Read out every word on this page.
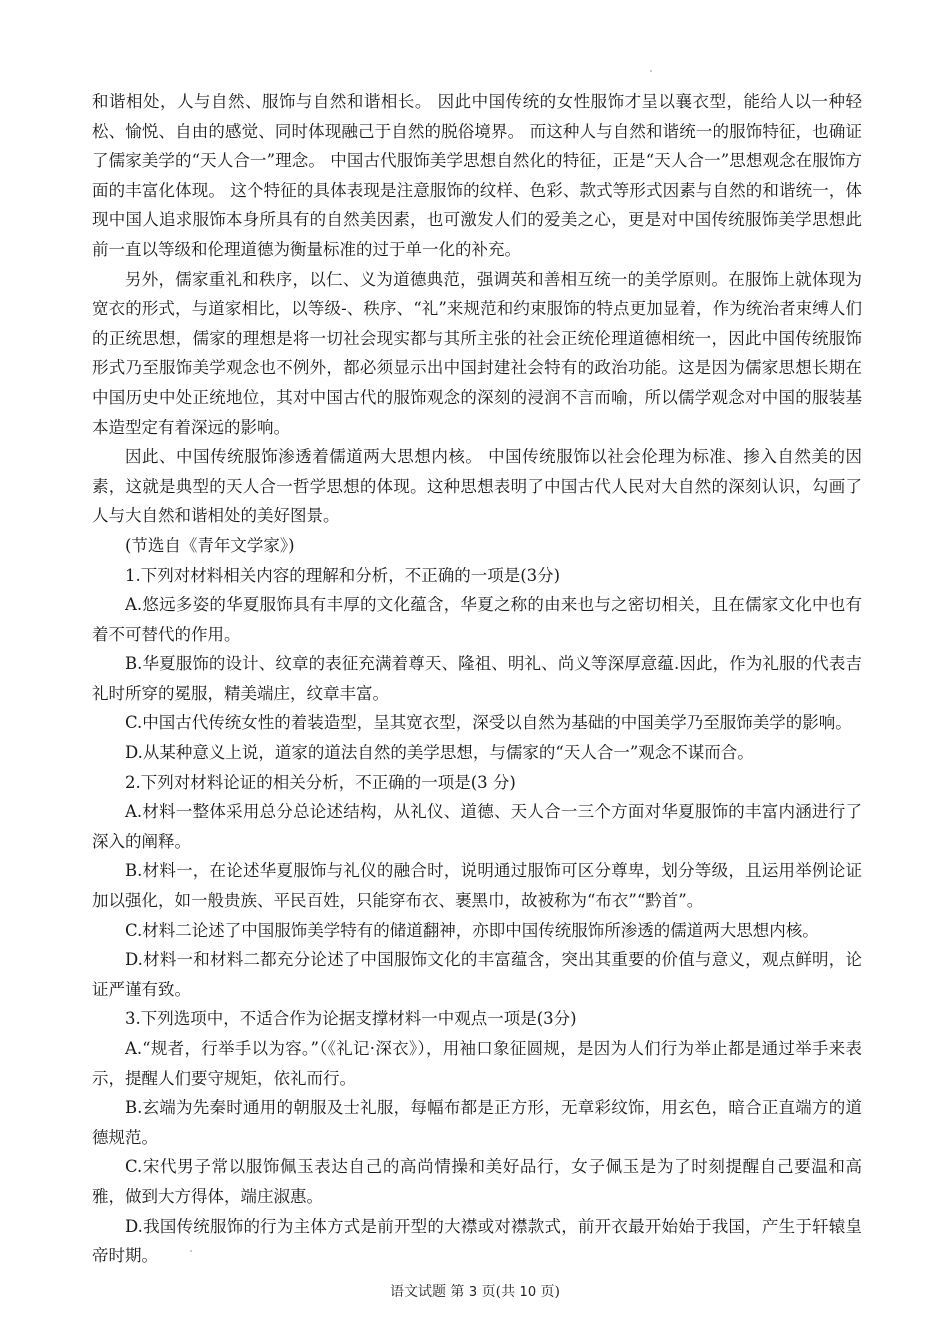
和谐相处，人与自然、服饰与自然和谐相长。 因此中国传统的女性服饰才呈以襄衣型，能给人以一种轻松、愉悦、自由的感觉、同时体现融己于自然的脱俗境界。 而这种人与自然和谐统一的服饰特征，也确证了儒家美学的“天人合一”理念。 中国古代服饰美学思想自然化的特征，正是“天人合一”思想观念在服饰方面的丰富化体现。 这个特征的具体表现是注意服饰的纹样、色彩、款式等形式因素与自然的和谐统一，体现中国人追求服饰本身所具有的自然美因素，也可激发人们的爱美之心，更是对中国传统服饰美学思想此前一直以等级和伦理道德为衡量标准的过于单一化的补充。

另外，儒家重礼和秩序，以仁、义为道德典范，强调英和善相互统一的美学原则。在服饰上就体现为宽衣的形式，与道家相比，以等级-、秩序、“礼”来规范和约束服饰的特点更加显着，作为统治者束缚人们的正统思想，儒家的理想是将一切社会现实都与其所主张的社会正统伦理道德相统一，因此中国传统服饰形式乃至服饰美学观念也不例外，都必须显示出中国封建社会特有的政治功能。这是因为儒家思想长期在中国历史中处正统地位，其对中国古代的服饰观念的深刻的浸润不言而喻，所以儒学观念对中国的服装基本造型定有着深远的影响。

因此、中国传统服饰渗透着儒道两大思想内核。 中国传统服饰以社会伦理为标准、掺入自然美的因素，这就是典型的天人合一哲学思想的体现。这种思想表明了中国古代人民对大自然的深刻认识，勾画了人与大自然和谐相处的美好图景。

(节选自《青年文学家》)

1.下列对材料相关内容的理解和分析，不正确的一项是(3分)

A.悠远多姿的华夏服饰具有丰厚的文化蕴含，华夏之称的由来也与之密切相关，且在儒家文化中也有着不可替代的作用。

B.华夏服饰的设计、纹章的表征充满着尊天、隆祖、明礼、尚义等深厚意蕴.因此，作为礼服的代表吉礼时所穿的冕服，精美端庄，纹章丰富。

C.中国古代传统女性的着装造型，呈其宽衣型，深受以自然为基础的中国美学乃至服饰美学的影响。

D.从某种意义上说，道家的道法自然的美学思想，与儒家的“天人合一”观念不谋而合。

2.下列对材料论证的相关分析，不正确的一项是(3 分)

A.材料一整体采用总分总论述结构，从礼仪、道德、天人合一三个方面对华夏服饰的丰富内涵进行了深入的阐释。

B.材料一，在论述华夏服饰与礼仪的融合时，说明通过服饰可区分尊卑，划分等级，且运用举例论证加以强化，如一般贵族、平民百姓，只能穿布衣、裹黑巾，故被称为“布衣”“黔首”。

C.材料二论述了中国服饰美学特有的储道翻神，亦即中国传统服饰所渗透的儒道两大思想内核。

D.材料一和材料二都充分论述了中国服饰文化的丰富蕴含，突出其重要的价值与意义，观点鲜明，论证严谨有致。

3.下列选项中，不适合作为论据支撑材料一中观点一项是(3分)

A.“规者，行举手以为容。”（《礼记·深衣》），用袖口象征圆规，是因为人们行为举止都是通过举手来表示，提醒人们要守规矩，依礼而行。

B.玄端为先秦时通用的朝服及士礼服，每幅布都是正方形，无章彩纹饰，用玄色，暗合正直端方的道德规范。

C.宋代男子常以服饰佩玉表达自己的高尚情操和美好品行，女子佩玉是为了时刻提醒自己要温和高雅，做到大方得体，端庄淑惠。

D.我国传统服饰的行为主体方式是前开型的大襟或对襟款式，前开衣最开始始于我国，产生于轩辕皇帝时期。

语文试题 第 3 页(共 10 页)
